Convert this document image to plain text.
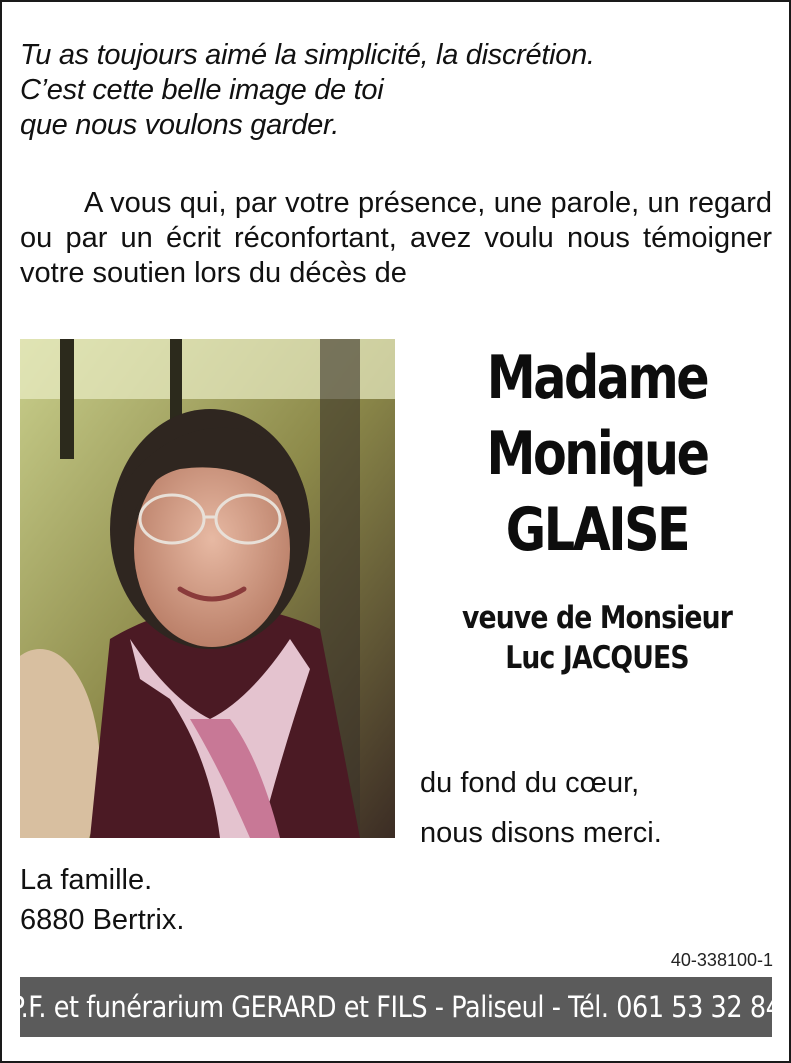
Tu as toujours aimé la simplicité, la discrétion.
C’est cette belle image de toi
que nous voulons garder.
A vous qui, par votre présence, une parole, un regard ou par un écrit réconfortant, avez voulu nous témoigner votre soutien lors du décès de
Madame
Monique
GLAISE
veuve de Monsieur
Luc JACQUES
du fond du cœur,
nous disons merci.
La famille.
6880 Bertrix.
40-338100-1
P.F. et funérarium GERARD et FILS - Paliseul - Tél. 061 53 32 84
